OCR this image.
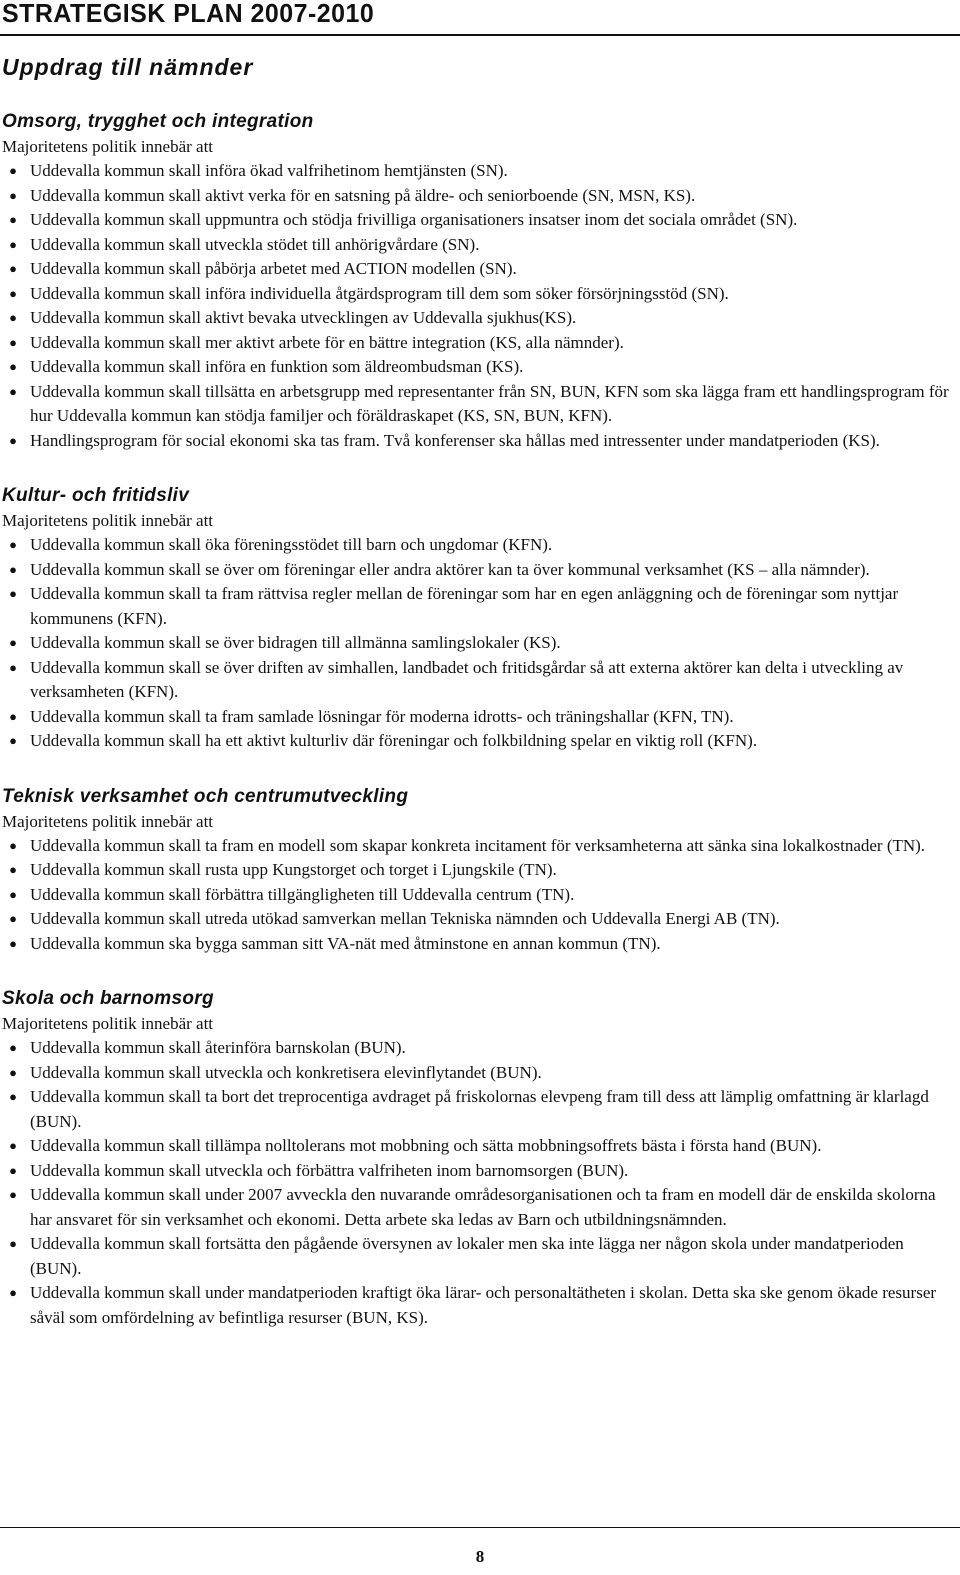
STRATEGISK PLAN 2007-2010
Uppdrag till nämnder
Omsorg, trygghet och integration

Majoritetens politik innebär att

● Uddevalla kommun skall införa ökad valfrihetinom hemtjänsten (SN).
● Uddevalla kommun skall aktivt verka för en satsning på äldre- och seniorboende (SN, MSN, KS).
● Uddevalla kommun skall uppmuntra och stödja frivilliga organisationers insatser inom det sociala området (SN).
● Uddevalla kommun skall utveckla stödet till anhörigvårdare (SN).
● Uddevalla kommun skall påbörja arbetet med ACTION modellen (SN).
● Uddevalla kommun skall införa individuella åtgärdsprogram till dem som söker försörjningsstöd (SN).
● Uddevalla kommun skall aktivt bevaka utvecklingen av Uddevalla sjukhus(KS).
● Uddevalla kommun skall mer aktivt arbete för en bättre integration (KS, alla nämnder).
● Uddevalla kommun skall införa en funktion som äldreombudsman (KS).
● Uddevalla kommun skall tillsätta en arbetsgrupp med representanter från SN, BUN, KFN som ska lägga fram ett handlingsprogram för hur Uddevalla kommun kan stödja familjer och föräldraskapet (KS, SN, BUN, KFN).
● Handlingsprogram för social ekonomi ska tas fram. Två konferenser ska hållas med intressenter under mandatperioden (KS).
Kultur- och fritidsliv

Majoritetens politik innebär att

● Uddevalla kommun skall öka föreningsstödet till barn och ungdomar (KFN).
● Uddevalla kommun skall se över om föreningar eller andra aktörer kan ta över kommunal verksamhet (KS – alla nämnder).
● Uddevalla kommun skall ta fram rättvisa regler mellan de föreningar som har en egen anläggning och de föreningar som nyttjar kommunens (KFN).
● Uddevalla kommun skall se över bidragen till allmänna samlingslokaler (KS).
● Uddevalla kommun skall se över driften av simhallen, landbadet och fritidsgårdar så att externa aktörer kan delta i utveckling av verksamheten (KFN).
● Uddevalla kommun skall ta fram samlade lösningar för moderna idrotts- och träningshallar (KFN, TN).
● Uddevalla kommun skall ha ett aktivt kulturliv där föreningar och folkbildning spelar en viktig roll (KFN).
Teknisk verksamhet och centrumutveckling

Majoritetens politik innebär att

● Uddevalla kommun skall ta fram en modell som skapar konkreta incitament för verksamheterna att sänka sina lokalkostnader (TN).
● Uddevalla kommun skall rusta upp Kungstorget och torget i Ljungskile (TN).
● Uddevalla kommun skall förbättra tillgängligheten till Uddevalla centrum (TN).
● Uddevalla kommun skall utreda utökad samverkan mellan Tekniska nämnden och Uddevalla Energi AB (TN).
● Uddevalla kommun ska bygga samman sitt VA-nät med åtminstone en annan kommun (TN).
Skola och barnomsorg

Majoritetens politik innebär att

● Uddevalla kommun skall återinföra barnskolan (BUN).
● Uddevalla kommun skall utveckla och konkretisera elevinflytandet (BUN).
● Uddevalla kommun skall ta bort det treprocentiga avdraget på friskolornas elevpeng fram till dess att lämplig omfattning är klarlagd (BUN).
● Uddevalla kommun skall tillämpa nolltolerans mot mobbning och sätta mobbningsoffrets bästa i första hand (BUN).
● Uddevalla kommun skall utveckla och förbättra valfriheten inom barnomsorgen (BUN).
● Uddevalla kommun skall under 2007 avveckla den nuvarande områdesorganisationen och ta fram en modell där de enskilda skolorna har ansvaret för sin verksamhet och ekonomi. Detta arbete ska ledas av Barn och utbildningsnämnden.
● Uddevalla kommun skall fortsätta den pågående översynen av lokaler men ska inte lägga ner någon skola under mandatperioden (BUN).
● Uddevalla kommun skall under mandatperioden kraftigt öka lärar- och personaltätheten i skolan. Detta ska ske genom ökade resurser såväl som omfördelning av befintliga resurser (BUN, KS).
8
